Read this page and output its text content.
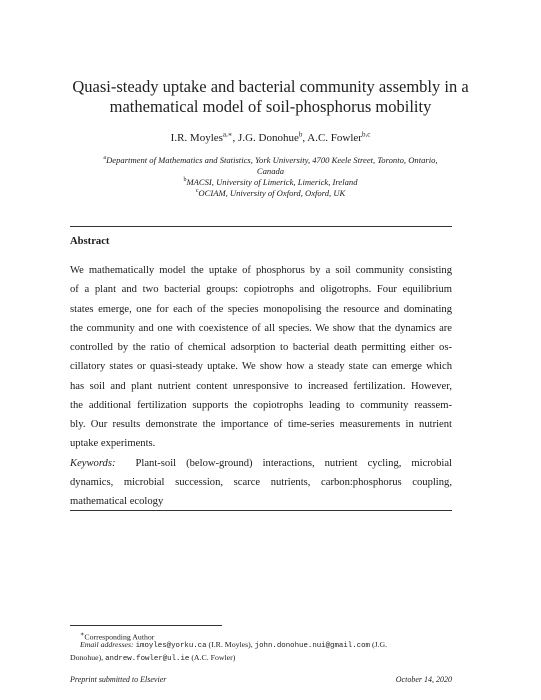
Quasi-steady uptake and bacterial community assembly in a
mathematical model of soil-phosphorus mobility
I.R. Moyles$^{a,∗}$, J.G. Donohue$^b$, A.C. Fowler$^{b,c}$
$^a$Department of Mathematics and Statistics, York University, 4700 Keele Street, Toronto, Ontario,
Canada
$^b$MACSI, University of Limerick, Limerick, Ireland
$^c$OCIAM, University of Oxford, Oxford, UK
Abstract
We mathematically model the uptake of phosphorus by a soil community consisting
of a plant and two bacterial groups: copiotrophs and oligotrophs. Four equilibrium
states emerge, one for each of the species monopolising the resource and dominating
the community and one with coexistence of all species. We show that the dynamics are
controlled by the ratio of chemical adsorption to bacterial death permitting either os-
cillatory states or quasi-steady uptake. We show how a steady state can emerge which
has soil and plant nutrient content unresponsive to increased fertilization. However,
the additional fertilization supports the copiotrophs leading to community reassem-
bly. Our results demonstrate the importance of time-series measurements in nutrient
uptake experiments.
Keywords: Plant-soil (below-ground) interactions, nutrient cycling, microbial
dynamics, microbial succession, scarce nutrients, carbon:phosphorus coupling,
mathematical ecology
∗Corresponding Author
Email addresses: imoyles@yorku.ca (I.R. Moyles), john.donohue.nui@gmail.com (J.G.
Donohue), andrew.fowler@ul.ie (A.C. Fowler)
Preprint submitted to Elsevier	October 14, 2020
